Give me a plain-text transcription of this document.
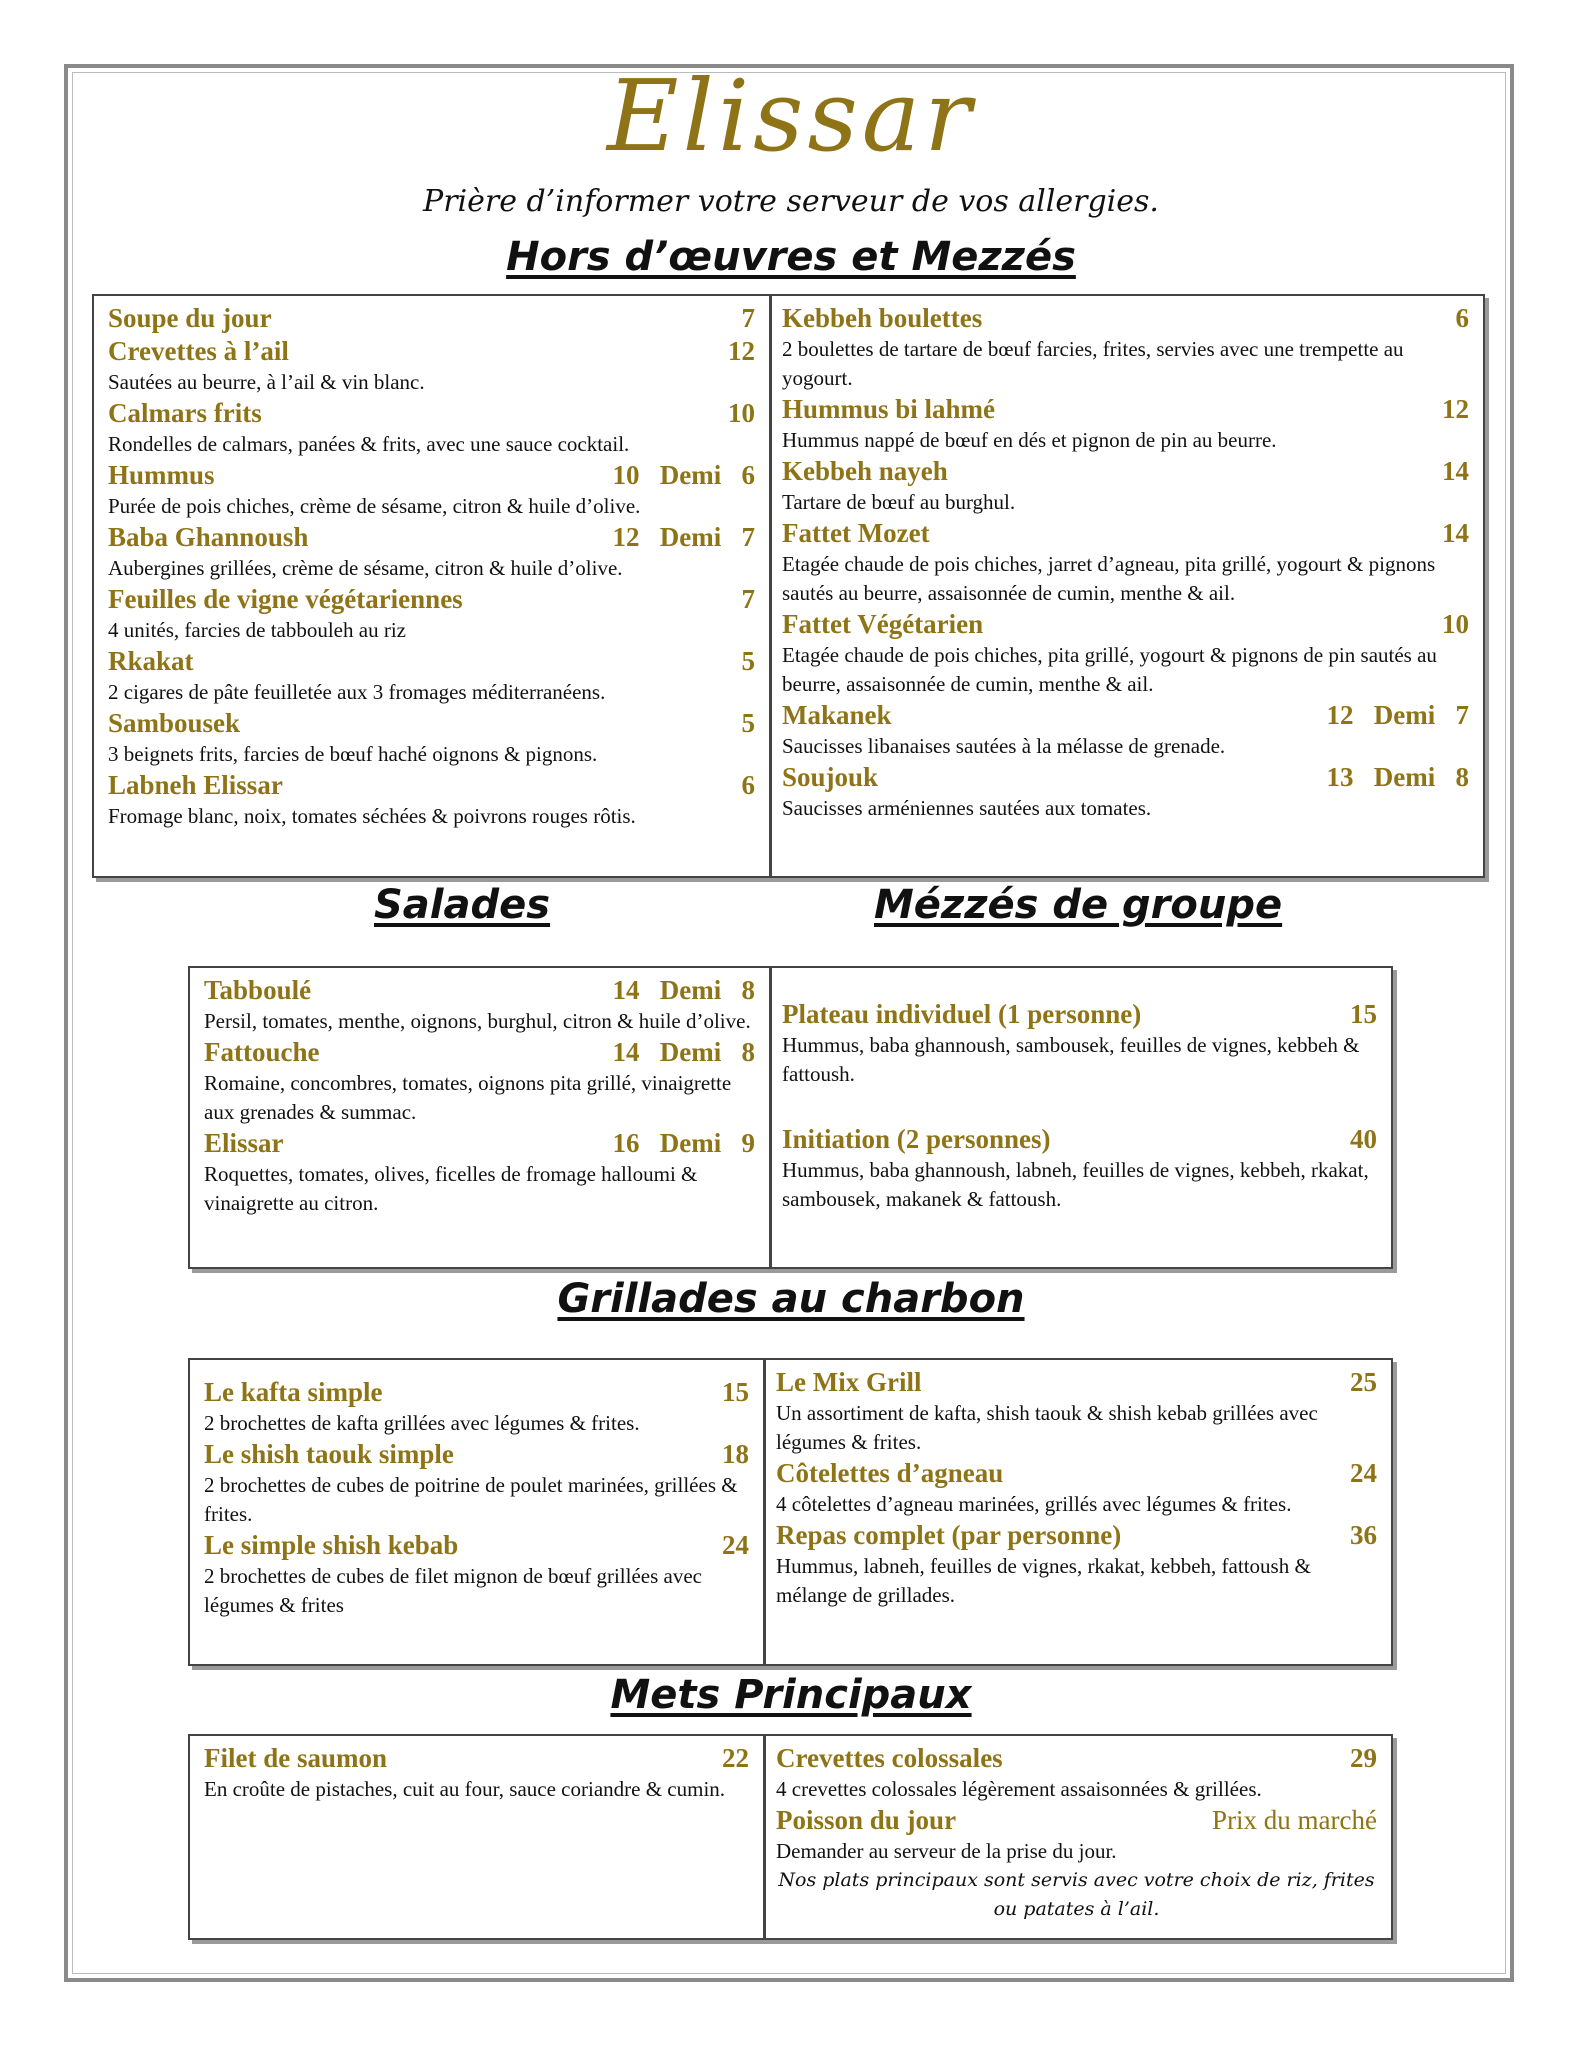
Elissar
Prière d’informer votre serveur de vos allergies.
Hors d’œuvres et Mezzés
Soupe du jour	7
Crevettes à l’ail	12
Sautées au beurre, à l’ail & vin blanc.
Calmars frits	10
Rondelles de calmars, panées & frits, avec une sauce cocktail.
Hummus	10   Demi   6
Purée de pois chiches, crème de sésame, citron & huile d’olive.
Baba Ghannoush	12   Demi   7
Aubergines grillées, crème de sésame, citron & huile d’olive.
Feuilles de vigne végétariennes	7
4 unités, farcies de tabbouleh au riz
Rkakat	5
2 cigares de pâte feuilletée aux 3 fromages méditerranéens.
Sambousek	5
3 beignets frits, farcies de bœuf haché oignons & pignons.
Labneh Elissar	6
Fromage blanc, noix, tomates séchées & poivrons rouges rôtis.
Kebbeh boulettes	6
2 boulettes de tartare de bœuf farcies, frites, servies avec une trempette au yogourt.
Hummus bi lahmé	12
Hummus nappé de bœuf en dés et pignon de pin au beurre.
Kebbeh nayeh	14
Tartare de bœuf au burghul.
Fattet Mozet	14
Etagée chaude de pois chiches, jarret d’agneau, pita grillé, yogourt & pignons sautés au beurre, assaisonnée de cumin, menthe & ail.
Fattet Végétarien	10
Etagée chaude de pois chiches, pita grillé, yogourt & pignons de pin sautés au beurre, assaisonnée de cumin, menthe & ail.
Makanek	12   Demi   7
Saucisses libanaises sautées à la mélasse de grenade.
Soujouk	13   Demi   8
Saucisses arméniennes sautées aux tomates.
Salades	Mézzés de groupe
Tabboulé	14   Demi   8
Persil, tomates, menthe, oignons, burghul, citron & huile d’olive.
Fattouche	14   Demi   8
Romaine, concombres, tomates, oignons pita grillé, vinaigrette aux grenades & summac.
Elissar	16   Demi   9
Roquettes, tomates, olives, ficelles de fromage halloumi & vinaigrette au citron.
Plateau individuel (1 personne)	15
Hummus, baba ghannoush, sambousek, feuilles de vignes, kebbeh & fattoush.
Initiation (2 personnes)	40
Hummus, baba ghannoush, labneh, feuilles de vignes, kebbeh, rkakat, sambousek, makanek & fattoush.
Grillades au charbon
Le kafta simple	15
2 brochettes de kafta grillées avec légumes & frites.
Le shish taouk simple	18
2 brochettes de cubes de poitrine de poulet marinées, grillées & frites.
Le simple shish kebab	24
2 brochettes de cubes de filet mignon de bœuf grillées avec légumes & frites
Le Mix Grill	25
Un assortiment de kafta, shish taouk & shish kebab grillées avec légumes & frites.
Côtelettes d’agneau	24
4 côtelettes d’agneau marinées, grillés avec légumes & frites.
Repas complet (par personne)	36
Hummus, labneh, feuilles de vignes, rkakat, kebbeh, fattoush & mélange de grillades.
Mets Principaux
Filet de saumon	22
En croûte de pistaches, cuit au four, sauce coriandre & cumin.
Crevettes colossales	29
4 crevettes colossales légèrement assaisonnées & grillées.
Poisson du jour	Prix du marché
Demander au serveur de la prise du jour.
Nos plats principaux sont servis avec votre choix de riz, frites ou patates à l’ail.
